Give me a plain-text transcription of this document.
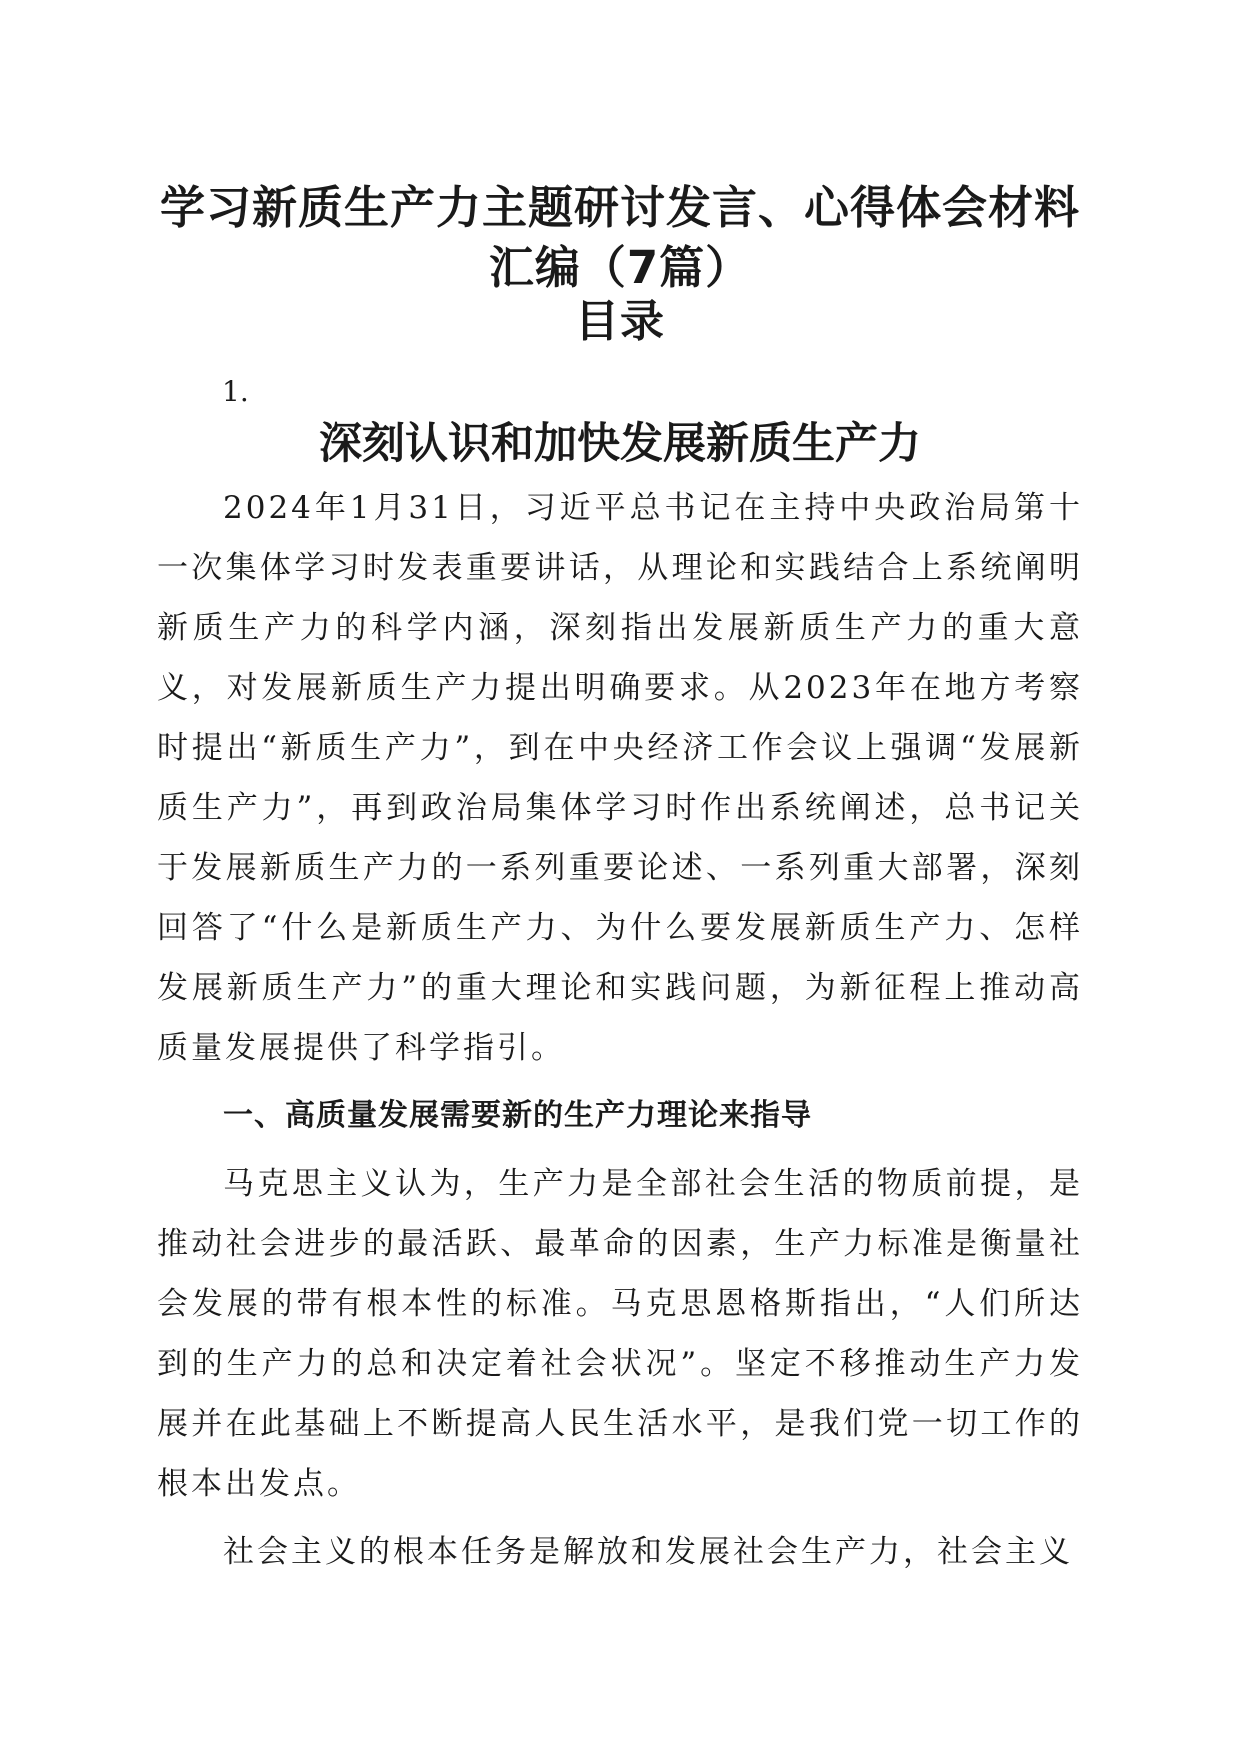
学习新质生产力主题研讨发言、心得体会材料
汇编（7篇）
目录

1.

深刻认识和加快发展新质生产力

2024年1月31日，习近平总书记在主持中央政治局第十一次集体学习时发表重要讲话，从理论和实践结合上系统阐明新质生产力的科学内涵，深刻指出发展新质生产力的重大意义，对发展新质生产力提出明确要求。从2023年在地方考察时提出“新质生产力”，到在中央经济工作会议上强调“发展新质生产力”，再到政治局集体学习时作出系统阐述，总书记关于发展新质生产力的一系列重要论述、一系列重大部署，深刻回答了“什么是新质生产力、为什么要发展新质生产力、怎样发展新质生产力”的重大理论和实践问题，为新征程上推动高质量发展提供了科学指引。

一、高质量发展需要新的生产力理论来指导

马克思主义认为，生产力是全部社会生活的物质前提，是推动社会进步的最活跃、最革命的因素，生产力标准是衡量社会发展的带有根本性的标准。马克思恩格斯指出，“人们所达到的生产力的总和决定着社会状况”。坚定不移推动生产力发展并在此基础上不断提高人民生活水平，是我们党一切工作的根本出发点。

社会主义的根本任务是解放和发展社会生产力，社会主义
